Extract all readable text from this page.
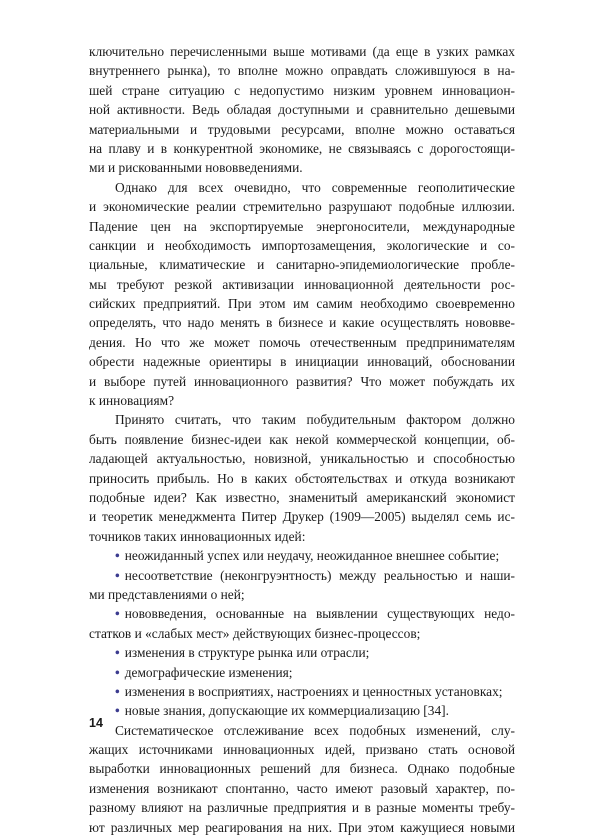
ключительно перечисленными выше мотивами (да еще в узких рамках
внутреннего рынка), то вполне можно оправдать сложившуюся в на-
шей стране ситуацию с недопустимо низким уровнем инновацион-
ной активности. Ведь обладая доступными и сравнительно дешевыми
материальными и трудовыми ресурсами, вполне можно оставаться
на плаву и в конкурентной экономике, не связываясь с дорогостоящи-
ми и рискованными нововведениями.
Однако для всех очевидно, что современные геополитические
и экономические реалии стремительно разрушают подобные иллюзии.
Падение цен на экспортируемые энергоносители, международные
санкции и необходимость импортозамещения, экологические и со-
циальные, климатические и санитарно-эпидемиологические пробле-
мы требуют резкой активизации инновационной деятельности рос-
сийских предприятий. При этом им самим необходимо своевременно
определять, что надо менять в бизнесе и какие осуществлять нововве-
дения. Но что же может помочь отечественным предпринимателям
обрести надежные ориентиры в инициации инноваций, обосновании
и выборе путей инновационного развития? Что может побуждать их
к инновациям?
Принято считать, что таким побудительным фактором должно
быть появление бизнес-идеи как некой коммерческой концепции, об-
ладающей актуальностью, новизной, уникальностью и способностью
приносить прибыль. Но в каких обстоятельствах и откуда возникают
подобные идеи? Как известно, знаменитый американский экономист
и теоретик менеджмента Питер Друкер (1909—2005) выделял семь ис-
точников таких инновационных идей:
• неожиданный успех или неудачу, неожиданное внешнее событие;
• несоответствие (неконгруэнтность) между реальностью и наши-
ми представлениями о ней;
• нововведения, основанные на выявлении существующих недо-
статков и «слабых мест» действующих бизнес-процессов;
• изменения в структуре рынка или отрасли;
• демографические изменения;
• изменения в восприятиях, настроениях и ценностных установках;
• новые знания, допускающие их коммерциализацию [34].
Систематическое отслеживание всех подобных изменений, слу-
жащих источниками инновационных идей, призвано стать основой
выработки инновационных решений для бизнеса. Однако подобные
изменения возникают спонтанно, часто имеют разовый характер, по-
разному влияют на различные предприятия и в разные моменты требу-
ют различных мер реагирования на них. При этом кажущиеся новыми
14
